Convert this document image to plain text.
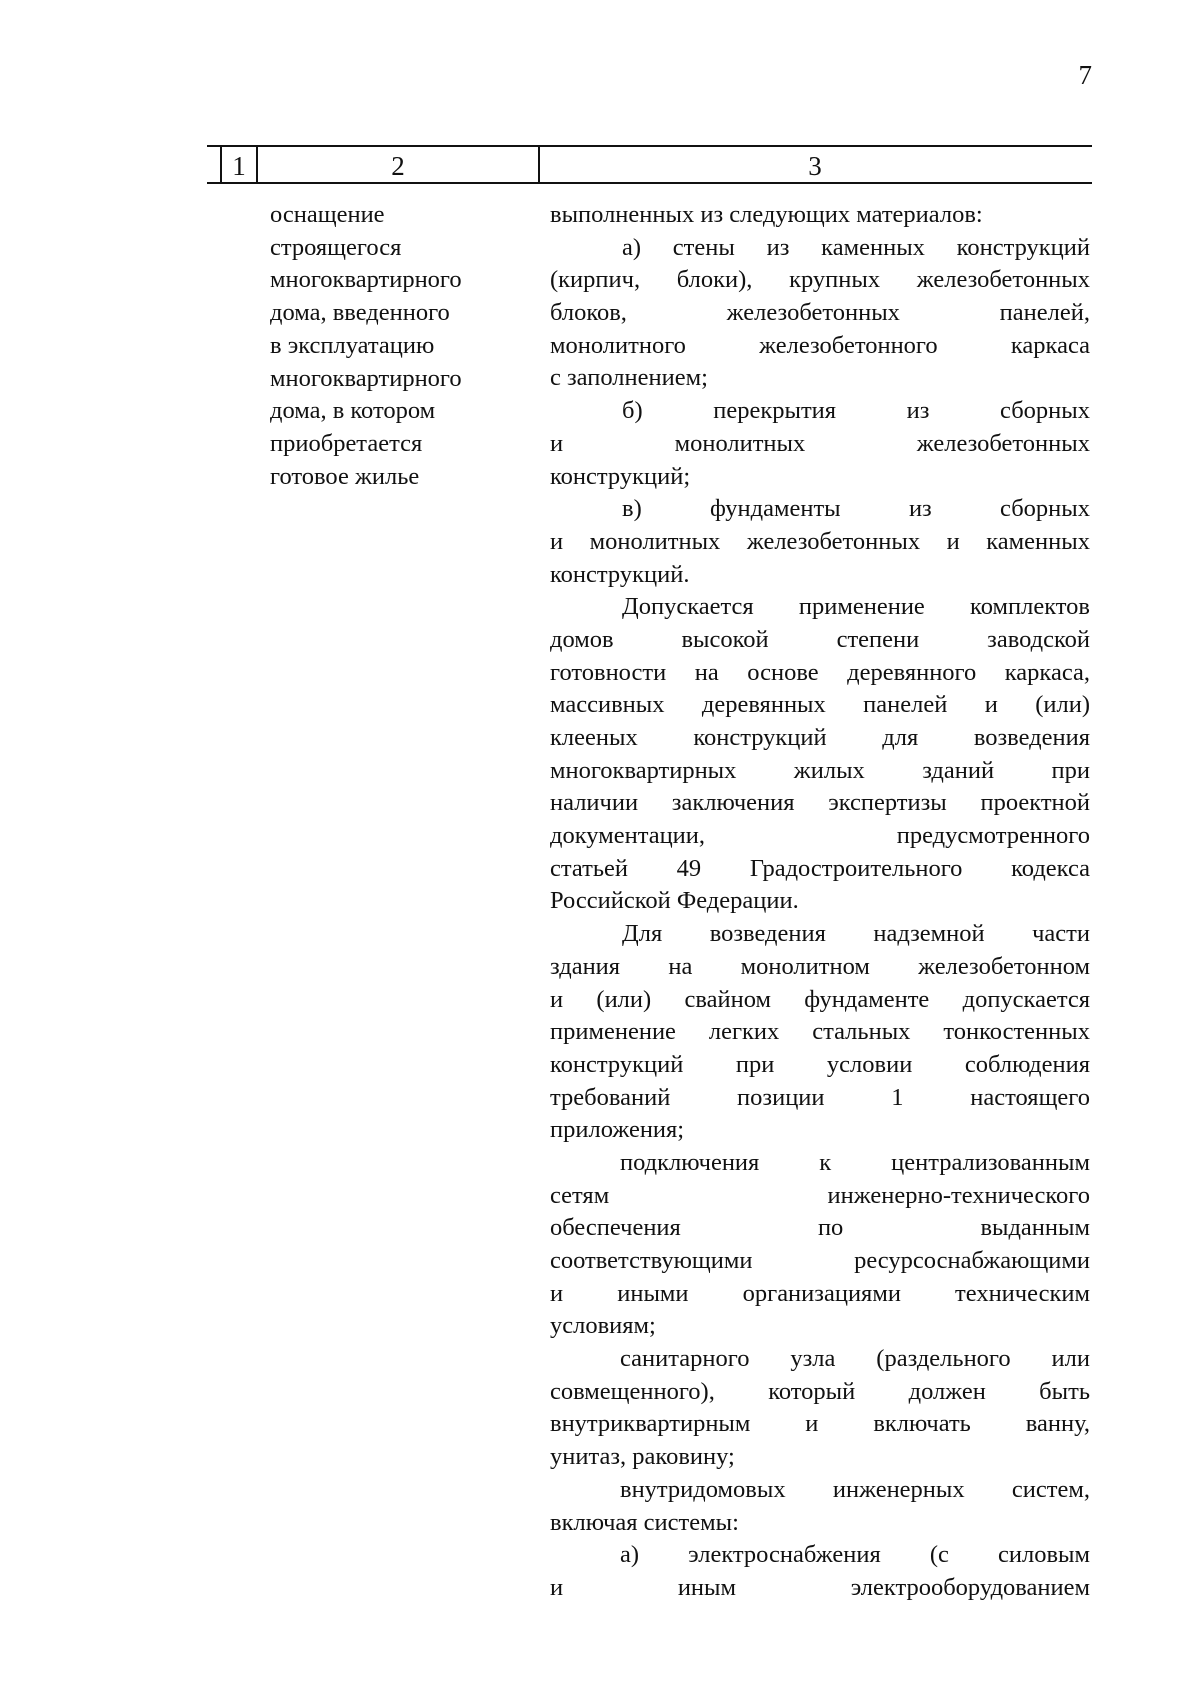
7
1	2	3
оснащение
строящегося
многоквартирного
дома, введенного
в эксплуатацию
многоквартирного
дома, в котором
приобретается
готовое жилье
выполненных из следующих материалов:
а) стены из каменных конструкций
(кирпич, блоки), крупных железобетонных
блоков, железобетонных панелей,
монолитного железобетонного каркаса
с заполнением;
б) перекрытия из сборных
и монолитных железобетонных
конструкций;
в) фундаменты из сборных
и монолитных железобетонных и каменных
конструкций.
Допускается применение комплектов
домов высокой степени заводской
готовности на основе деревянного каркаса,
массивных деревянных панелей и (или)
клееных конструкций для возведения
многоквартирных жилых зданий при
наличии заключения экспертизы проектной
документации, предусмотренного
статьей 49 Градостроительного кодекса
Российской Федерации.
Для возведения надземной части
здания на монолитном железобетонном
и (или) свайном фундаменте допускается
применение легких стальных тонкостенных
конструкций при условии соблюдения
требований позиции 1 настоящего
приложения;
подключения к централизованным
сетям инженерно-технического
обеспечения по выданным
соответствующими ресурсоснабжающими
и иными организациями техническим
условиям;
санитарного узла (раздельного или
совмещенного), который должен быть
внутриквартирным и включать ванну,
унитаз, раковину;
внутридомовых инженерных систем,
включая системы:
а) электроснабжения (с силовым
и иным электрооборудованием
